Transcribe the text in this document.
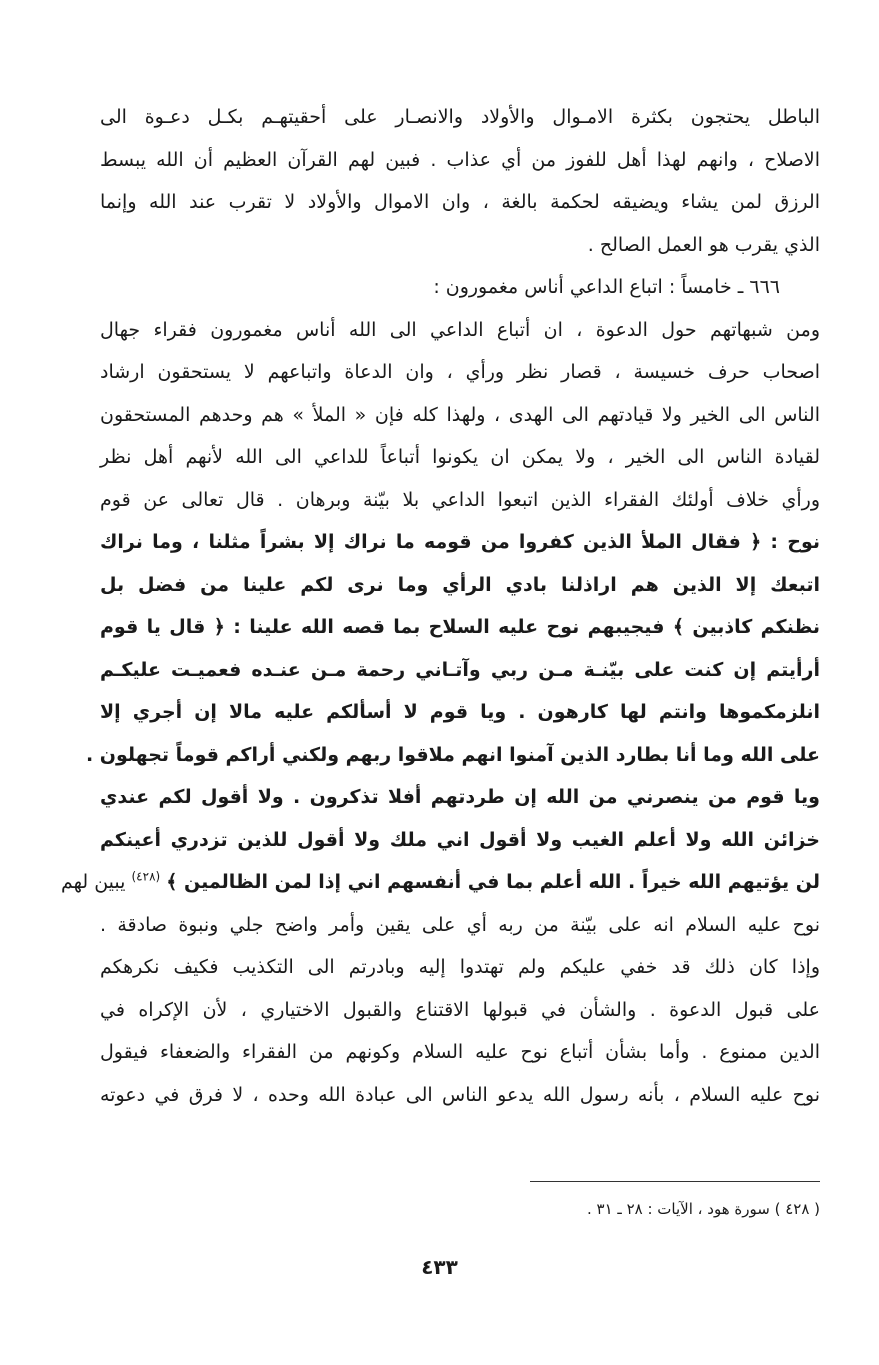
الباطل يحتجون بكثرة الامـوال والأولاد والانصـار على أحقيتهـم بكـل دعـوة الى
الاصلاح ، وانهم لهذا أهل للفوز من أي عذاب . فبين لهم القرآن العظيم أن الله يبسط
الرزق لمن يشاء ويضيقه لحكمة بالغة ، وان الاموال والأولاد لا تقرب عند الله وإنما
الذي يقرب هو العمل الصالح .
٦٦٦ ـ خامساً : اتباع الداعي أناس مغمورون :
ومن شبهاتهم حول الدعوة ، ان أتباع الداعي الى الله أناس مغمورون فقراء جهال
اصحاب حرف خسيسة ، قصار نظر ورأي ، وان الدعاة واتباعهم لا يستحقون ارشاد
الناس الى الخير ولا قيادتهم الى الهدى ، ولهذا كله فإن « الملأ » هم وحدهم المستحقون
لقيادة الناس الى الخير ، ولا يمكن ان يكونوا أتباعاً للداعي الى الله لأنهم أهل نظر
ورأي خلاف أولئك الفقراء الذين اتبعوا الداعي بلا بيّنة وبرهان . قال تعالى عن قوم
نوح : ﴿ فقال الملأ الذين كفروا من قومه ما نراك إلا بشراً مثلنا ، وما نراك
اتبعك إلا الذين هم اراذلنا بادي الرأي وما نرى لكم علينا من فضل بل
نظنكم كاذبين ﴾ فيجيبهم نوح عليه السلاح بما قصه الله علينا : ﴿ قال يا قوم
أرأيتم إن كنت على بيّنـة مـن ربي وآتـاني رحمة مـن عنـده فعميـت عليكـم
انلزمكموها وانتم لها كارهون . ويا قوم لا أسألكم عليه مالا إن أجري إلا
على الله وما أنا بطارد الذين آمنوا انهم ملاقوا ربهم ولكني أراكم قوماً تجهلون .
ويا قوم من ينصرني من الله إن طردتهم أفلا تذكرون . ولا أقول لكم عندي
خزائن الله ولا أعلم الغيب ولا أقول اني ملك ولا أقول للذين تزدري أعينكم
لن يؤتيهم الله خيراً . الله أعلم بما في أنفسهم اني إذا لمن الظالمين ﴾ $^{(٤٢٨)}$ يبين لهم
نوح عليه السلام انه على بيّنة من ربه أي على يقين وأمر واضح جلي ونبوة صادقة .
وإذا كان ذلك قد خفي عليكم ولم تهتدوا إليه وبادرتم الى التكذيب فكيف نكرهكم
على قبول الدعوة . والشأن في قبولها الاقتناع والقبول الاختياري ، لأن الإكراه في
الدين ممنوع . وأما بشأن أتباع نوح عليه السلام وكونهم من الفقراء والضعفاء فيقول
نوح عليه السلام ، بأنه رسول الله يدعو الناس الى عبادة الله وحده ، لا فرق في دعوته
( ٤٢٨ ) سورة هود ، الآيات : ٢٨ ـ ٣١ .
٤٣٣
